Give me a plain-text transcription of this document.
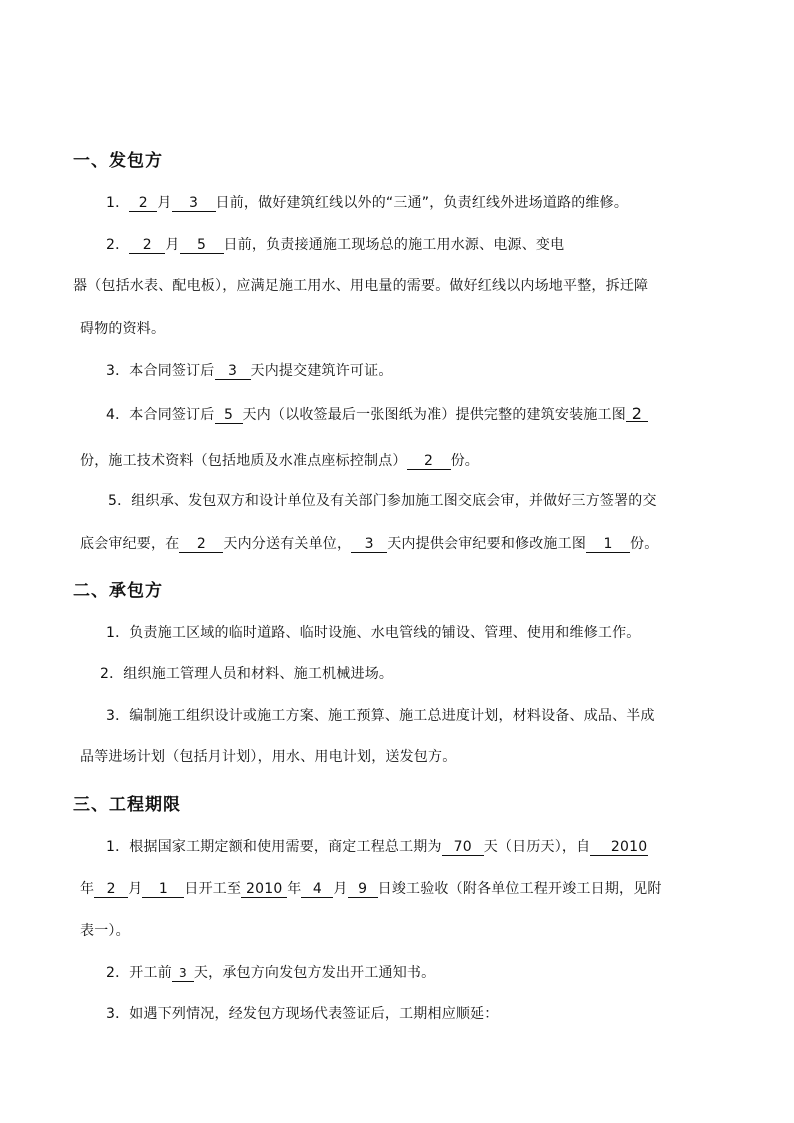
一、发包方
1． 2 月 3 日前，做好建筑红线以外的“三通”，负责红线外进场道路的维修。
2． 2 月 5 日前，负责接通施工现场总的施工用水源、电源、变电
器（包括水表、配电板），应满足施工用水、用电量的需要。做好红线以内场地平整，拆迁障
碍物的资料。
3．本合同签订后 3 天内提交建筑许可证。
4．本合同签订后 5 天内（以收签最后一张图纸为准）提供完整的建筑安装施工图 2
份，施工技术资料（包括地质及水准点座标控制点） 2 份。
5．组织承、发包双方和设计单位及有关部门参加施工图交底会审，并做好三方签署的交
底会审纪要，在 2 天内分送有关单位， 3 天内提供会审纪要和修改施工图 1 份。
二、承包方
1．负责施工区域的临时道路、临时设施、水电管线的铺设、管理、使用和维修工作。
2．组织施工管理人员和材料、施工机械进场。
3．编制施工组织设计或施工方案、施工预算、施工总进度计划，材料设备、成品、半成
品等进场计划（包括月计划），用水、用电计划，送发包方。
三、工程期限
1．根据国家工期定额和使用需要，商定工程总工期为 70 天（日历天），自 2010
年 2 月 1 日开工至 2010 年 4 月 9 日竣工验收（附各单位工程开竣工日期，见附
表一）。
2．开工前 3 天，承包方向发包方发出开工通知书。
3．如遇下列情况，经发包方现场代表签证后，工期相应顺延：
